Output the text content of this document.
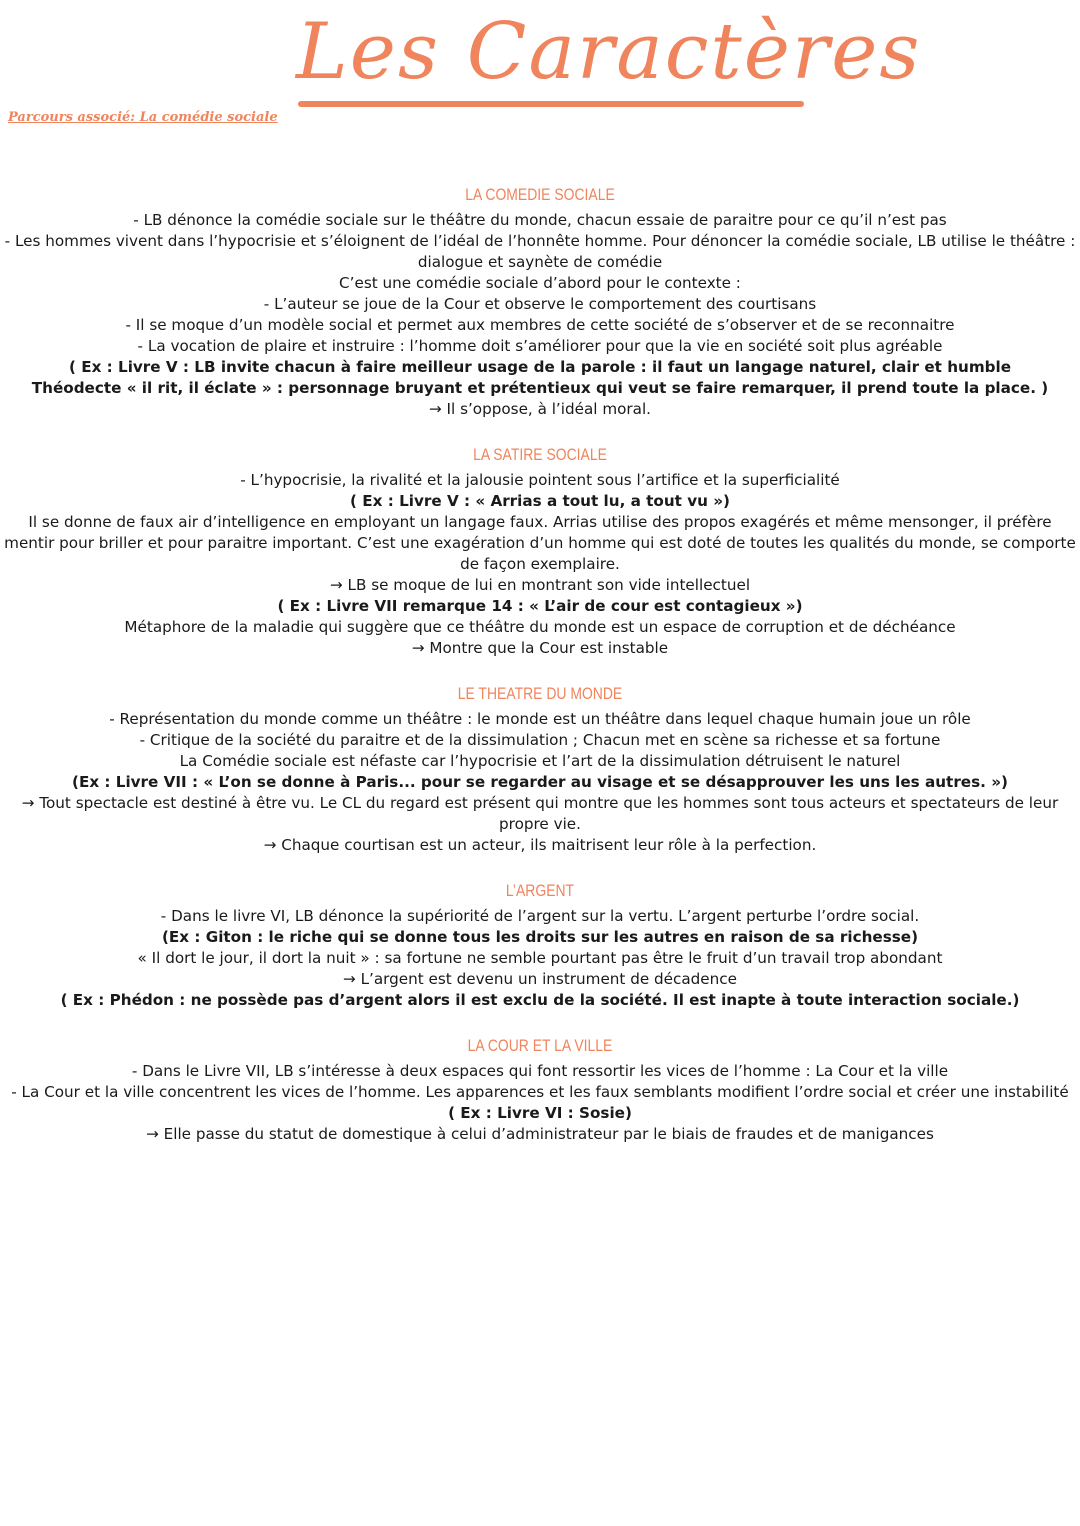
Les Caractères
Parcours associé: La comédie sociale
LA COMEDIE SOCIALE

- LB dénonce la comédie sociale sur le théâtre du monde, chacun essaie de paraitre pour ce qu’il n’est pas

- Les hommes vivent dans l’hypocrisie et s’éloignent de l’idéal de l’honnête homme. Pour dénoncer la comédie sociale, LB utilise le théâtre : dialogue et saynète de comédie

C’est une comédie sociale d’abord pour le contexte :

- L’auteur se joue de la Cour et observe le comportement des courtisans

- Il se moque d’un modèle social et permet aux membres de cette société de s’observer et de se reconnaitre

- La vocation de plaire et instruire : l’homme doit s’améliorer pour que la vie en société soit plus agréable

( Ex : Livre V : LB invite chacun à faire meilleur usage de la parole : il faut un langage naturel, clair et humble

Théodecte « il rit, il éclate » : personnage bruyant et prétentieux qui veut se faire remarquer, il prend toute la place. )

→ Il s’oppose, à l’idéal moral.

LA SATIRE SOCIALE

- L’hypocrisie, la rivalité et la jalousie pointent sous l’artifice et la superficialité

( Ex : Livre V : « Arrias a tout lu, a tout vu »)

Il se donne de faux air d’intelligence en employant un langage faux. Arrias utilise des propos exagérés et même mensonger, il préfère mentir pour briller et pour paraitre important. C’est une exagération d’un homme qui est doté de toutes les qualités du monde, se comporte de façon exemplaire.

→ LB se moque de lui en montrant son vide intellectuel

( Ex : Livre VII remarque 14 : « L’air de cour est contagieux »)

Métaphore de la maladie qui suggère que ce théâtre du monde est un espace de corruption et de déchéance

→ Montre que la Cour est instable

LE THEATRE DU MONDE

- Représentation du monde comme un théâtre : le monde est un théâtre dans lequel chaque humain joue un rôle

- Critique de la société du paraitre et de la dissimulation ; Chacun met en scène sa richesse et sa fortune

La Comédie sociale est néfaste car l’hypocrisie et l’art de la dissimulation détruisent le naturel

(Ex : Livre VII : « L’on se donne à Paris... pour se regarder au visage et se désapprouver les uns les autres. »)

→ Tout spectacle est destiné à être vu. Le CL du regard est présent qui montre que les hommes sont tous acteurs et spectateurs de leur propre vie.

→ Chaque courtisan est un acteur, ils maitrisent leur rôle à la perfection.

L’ARGENT

- Dans le livre VI, LB dénonce la supériorité de l’argent sur la vertu. L’argent perturbe l’ordre social.

(Ex : Giton : le riche qui se donne tous les droits sur les autres en raison de sa richesse)

« Il dort le jour, il dort la nuit » : sa fortune ne semble pourtant pas être le fruit d’un travail trop abondant

→ L’argent est devenu un instrument de décadence

( Ex : Phédon : ne possède pas d’argent alors il est exclu de la société. Il est inapte à toute interaction sociale.)

LA COUR ET LA VILLE

- Dans le Livre VII, LB s’intéresse à deux espaces qui font ressortir les vices de l’homme : La Cour et la ville

- La Cour et la ville concentrent les vices de l’homme. Les apparences et les faux semblants modifient l’ordre social et créer une instabilité

( Ex : Livre VI : Sosie)

→ Elle passe du statut de domestique à celui d’administrateur par le biais de fraudes et de manigances
